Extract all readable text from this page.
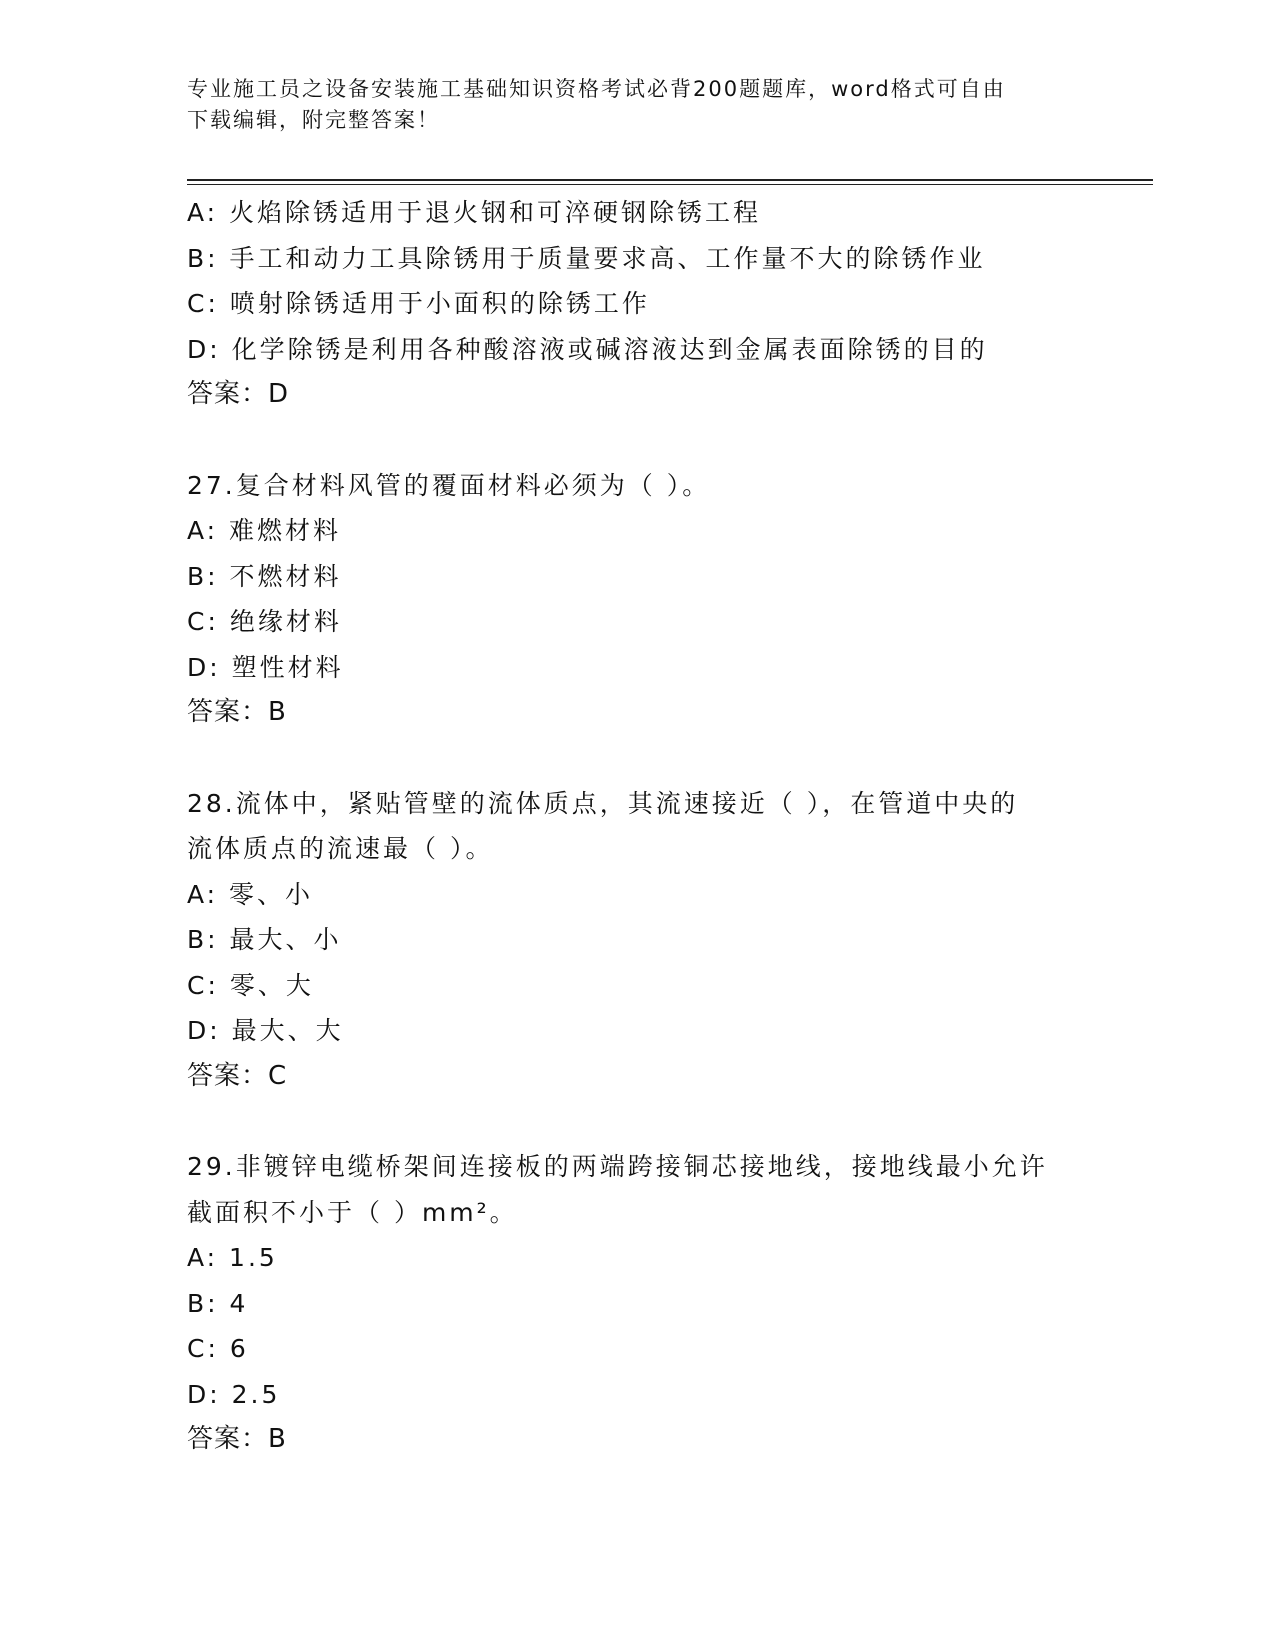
专业施工员之设备安装施工基础知识资格考试必背200题题库，word格式可自由
下载编辑，附完整答案！
A: 火焰除锈适用于退火钢和可淬硬钢除锈工程
B: 手工和动力工具除锈用于质量要求高、工作量不大的除锈作业
C: 喷射除锈适用于小面积的除锈工作
D: 化学除锈是利用各种酸溶液或碱溶液达到金属表面除锈的目的
答案：D
27.复合材料风管的覆面材料必须为（ ）。
A: 难燃材料
B: 不燃材料
C: 绝缘材料
D: 塑性材料
答案：B
28.流体中，紧贴管壁的流体质点，其流速接近（ ），在管道中央的
流体质点的流速最（ ）。
A: 零、小
B: 最大、小
C: 零、大
D: 最大、大
答案：C
29.非镀锌电缆桥架间连接板的两端跨接铜芯接地线，接地线最小允许
截面积不小于（ ）mm²。
A: 1.5
B: 4
C: 6
D: 2.5
答案：B
